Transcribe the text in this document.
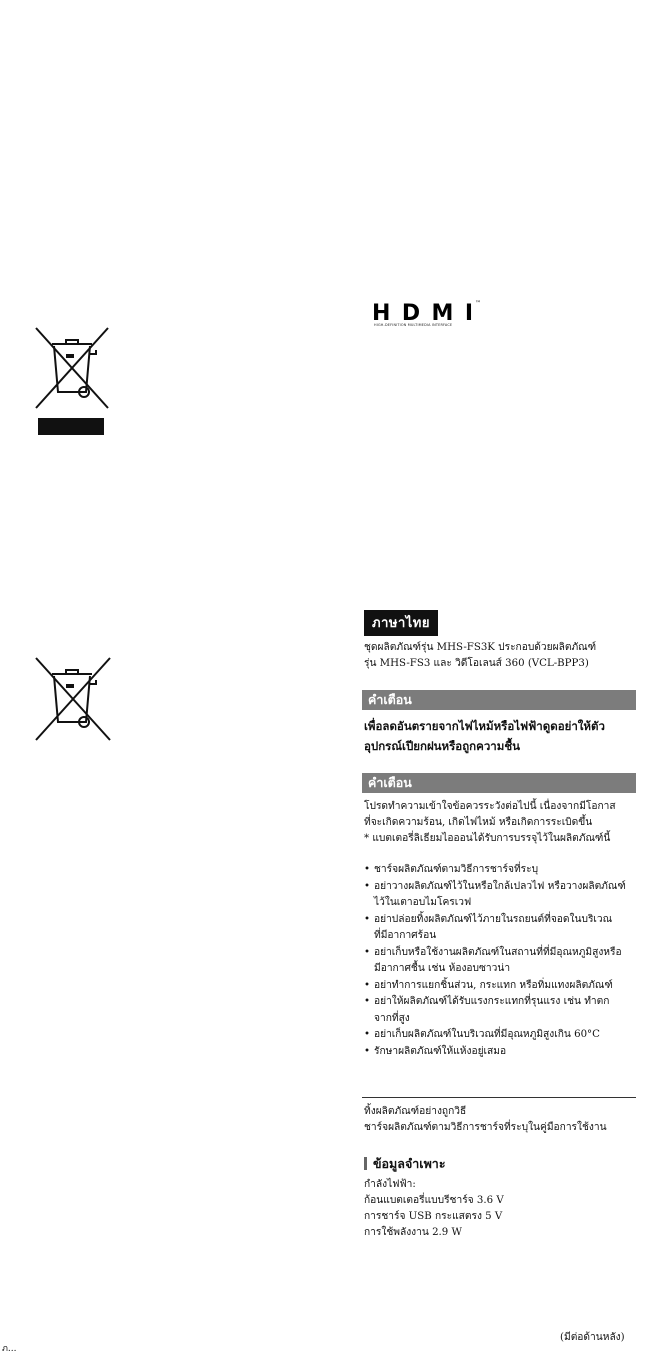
HDMI ™
HIGH-DEFINITION MULTIMEDIA INTERFACE
ภาษาไทย
ชุดผลิตภัณฑ์รุ่น MHS-FS3K ประกอบด้วยผลิตภัณฑ์
รุ่น MHS-FS3 และ วิดีโอเลนส์ 360 (VCL-BPP3)
คำเตือน
เพื่อลดอันตรายจากไฟไหม้หรือไฟฟ้าดูดอย่าให้ตัว
อุปกรณ์เปียกฝนหรือถูกความชื้น
คำเตือน
โปรดทำความเข้าใจข้อควรระวังต่อไปนี้ เนื่องจากมีโอกาส
ที่จะเกิดความร้อน, เกิดไฟไหม้ หรือเกิดการระเบิดขึ้น
* แบตเตอรี่ลิเธียมไอออนได้รับการบรรจุไว้ในผลิตภัณฑ์นี้
• ชาร์จผลิตภัณฑ์ตามวิธีการชาร์จที่ระบุ
• อย่าวางผลิตภัณฑ์ไว้ในหรือใกล้เปลวไฟ หรือวางผลิตภัณฑ์
ไว้ในเตาอบไมโครเวฟ
• อย่าปล่อยทิ้งผลิตภัณฑ์ไว้ภายในรถยนต์ที่จอดในบริเวณ
ที่มีอากาศร้อน
• อย่าเก็บหรือใช้งานผลิตภัณฑ์ในสถานที่ที่มีอุณหภูมิสูงหรือ
มีอากาศชื้น เช่น ห้องอบซาวน่า
• อย่าทำการแยกชิ้นส่วน, กระแทก หรือทิ่มแทงผลิตภัณฑ์
• อย่าให้ผลิตภัณฑ์ได้รับแรงกระแทกที่รุนแรง เช่น ทำตก
จากที่สูง
• อย่าเก็บผลิตภัณฑ์ในบริเวณที่มีอุณหภูมิสูงเกิน 60°C
• รักษาผลิตภัณฑ์ให้แห้งอยู่เสมอ
ทิ้งผลิตภัณฑ์อย่างถูกวิธี
ชาร์จผลิตภัณฑ์ตามวิธีการชาร์จที่ระบุในคู่มือการใช้งาน
ข้อมูลจำเพาะ
กำลังไฟฟ้า:
ก้อนแบตเตอรี่แบบรีชาร์จ 3.6 V
การชาร์จ USB กระแสตรง 5 V
การใช้พลังงาน 2.9 W
(มีต่อด้านหลัง)
ภ...
